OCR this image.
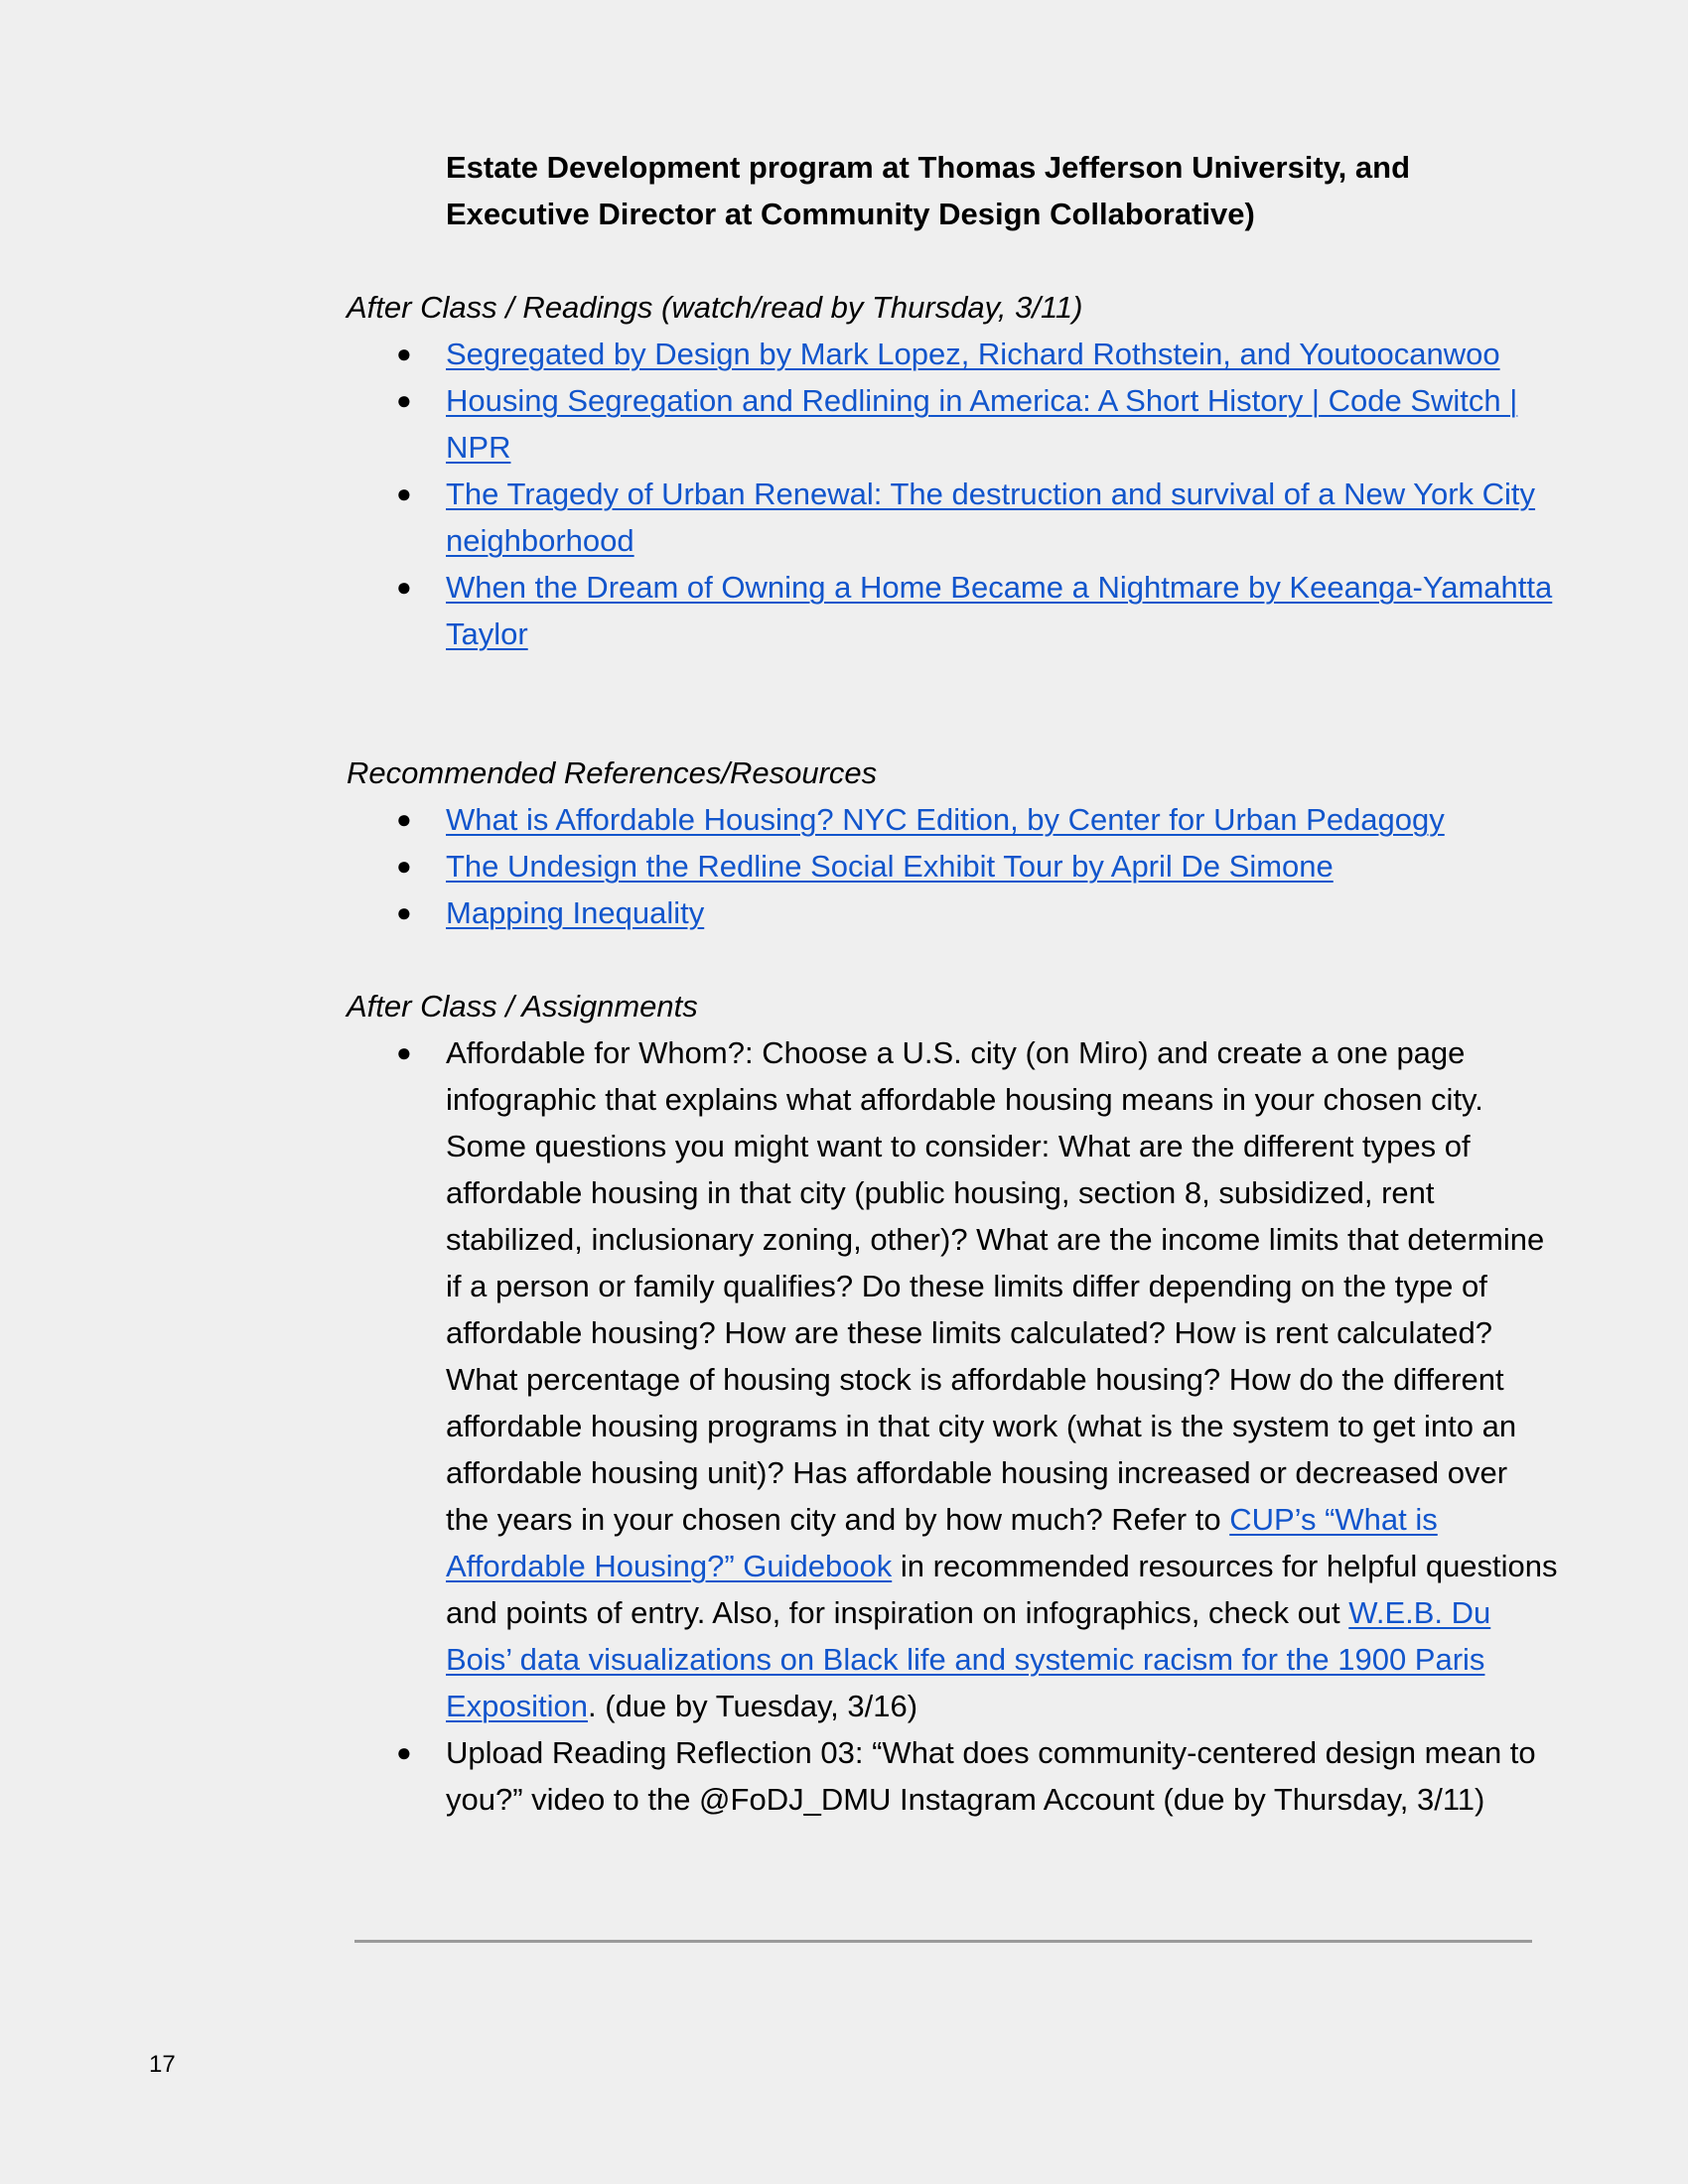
Estate Development program at Thomas Jefferson University, and
Executive Director at Community Design Collaborative)

After Class / Readings (watch/read by Thursday, 3/11)

●	Segregated by Design by Mark Lopez, Richard Rothstein, and Youtoocanwoo
●	Housing Segregation and Redlining in America: A Short History | Code Switch | NPR
●	The Tragedy of Urban Renewal: The destruction and survival of a New York City neighborhood
●	When the Dream of Owning a Home Became a Nightmare by Keeanga-Yamahtta Taylor

Recommended References/Resources

●	What is Affordable Housing? NYC Edition, by Center for Urban Pedagogy
●	The Undesign the Redline Social Exhibit Tour by April De Simone
●	Mapping Inequality

After Class / Assignments

●	Affordable for Whom?: Choose a U.S. city (on Miro) and create a one page infographic that explains what affordable housing means in your chosen city. Some questions you might want to consider: What are the different types of affordable housing in that city (public housing, section 8, subsidized, rent stabilized, inclusionary zoning, other)? What are the income limits that determine if a person or family qualifies? Do these limits differ depending on the type of affordable housing? How are these limits calculated? How is rent calculated? What percentage of housing stock is affordable housing? How do the different affordable housing programs in that city work (what is the system to get into an affordable housing unit)? Has affordable housing increased or decreased over the years in your chosen city and by how much? Refer to CUP’s “What is Affordable Housing?” Guidebook in recommended resources for helpful questions and points of entry. Also, for inspiration on infographics, check out W.E.B. Du Bois’ data visualizations on Black life and systemic racism for the 1900 Paris Exposition. (due by Tuesday, 3/16)
●	Upload Reading Reflection 03: “What does community-centered design mean to you?” video to the @FoDJ_DMU Instagram Account (due by Thursday, 3/11)
17
